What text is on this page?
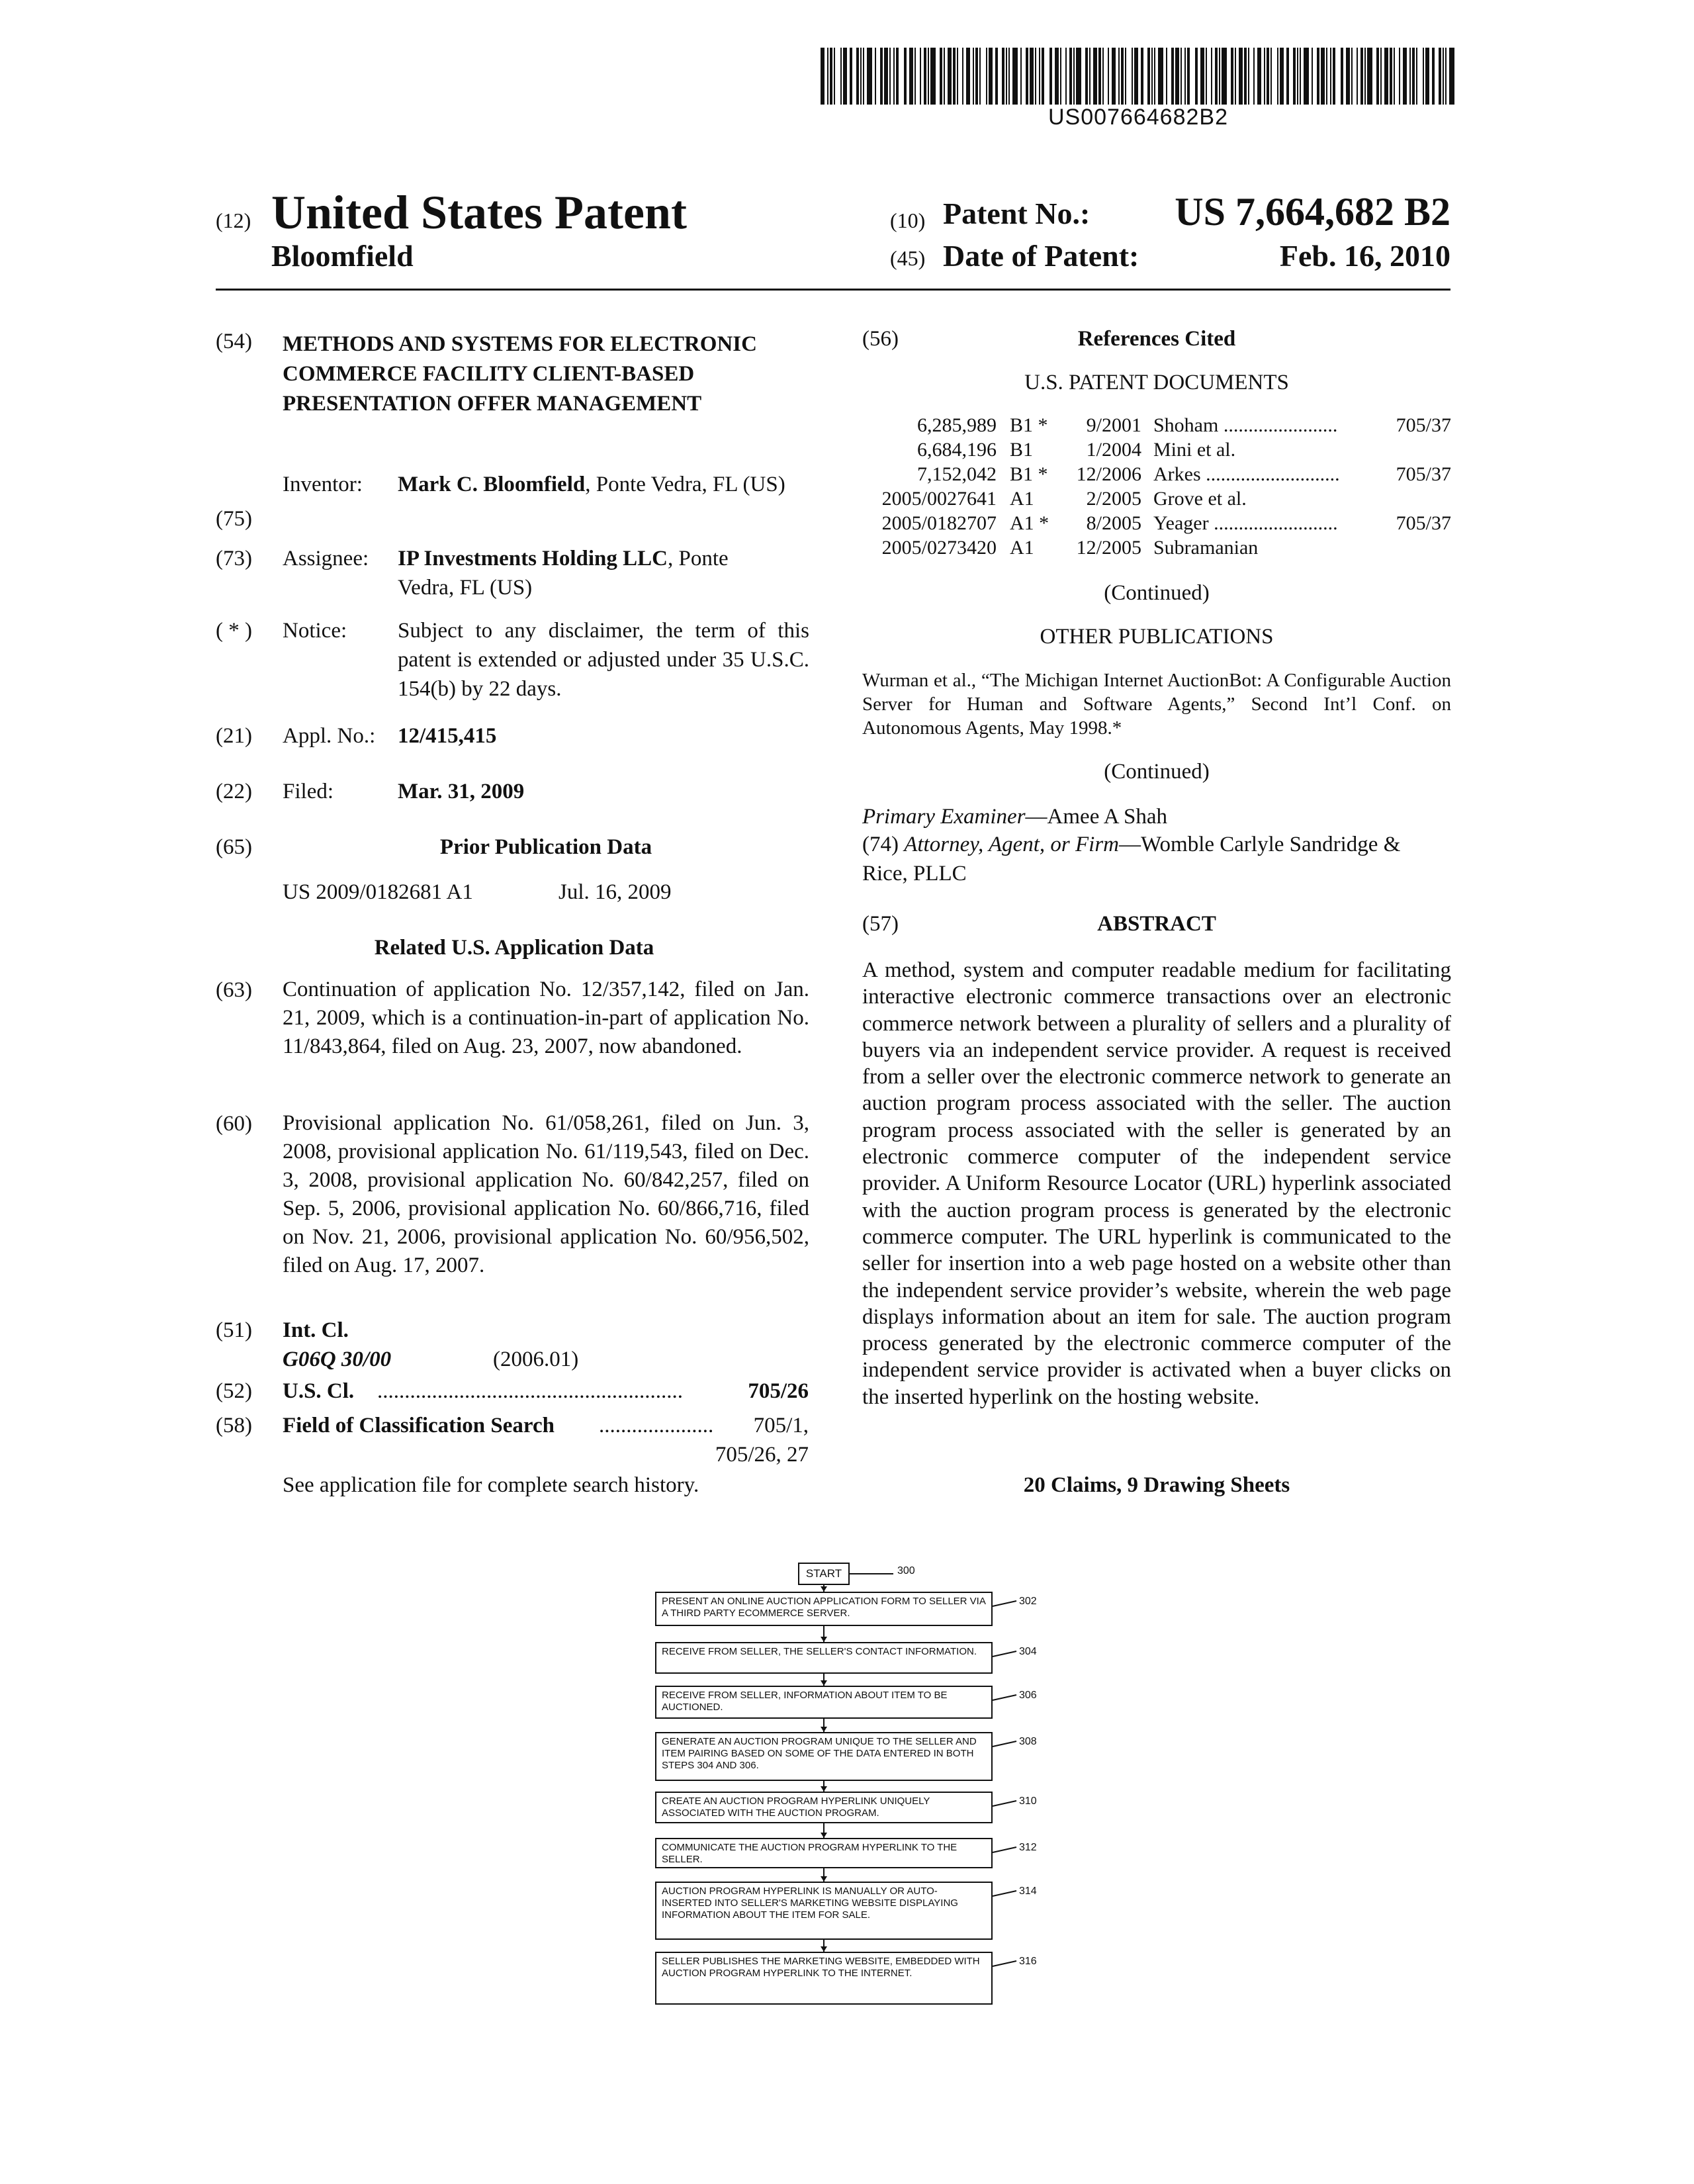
US007664682B2
(12) United States Patent
Bloomfield
(10) Patent No.: US 7,664,682 B2
(45) Date of Patent:	Feb. 16, 2010
(54) METHODS AND SYSTEMS FOR ELECTRONIC COMMERCE FACILITY CLIENT-BASED PRESENTATION OFFER MANAGEMENT
(75)
Inventor: Mark C. Bloomfield, Ponte Vedra, FL (US)
(73) Assignee: IP Investments Holding LLC, Ponte Vedra, FL (US)
( * ) Notice: Subject to any disclaimer, the term of this patent is extended or adjusted under 35 U.S.C. 154(b) by 22 days.
(21) Appl. No.: 12/415,415
(22) Filed:	Mar. 31, 2009
(65)	Prior Publication Data
US 2009/0182681 A1	Jul. 16, 2009
Related U.S. Application Data
(63) Continuation of application No. 12/357,142, filed on Jan. 21, 2009, which is a continuation-in-part of application No. 11/843,864, filed on Aug. 23, 2007, now abandoned.
(60) Provisional application No. 61/058,261, filed on Jun. 3, 2008, provisional application No. 61/119,543, filed on Dec. 3, 2008, provisional application No. 60/842,257, filed on Sep. 5, 2006, provisional application No. 60/866,716, filed on Nov. 21, 2006, provisional application No. 60/956,502, filed on Aug. 17, 2007.
(51) Int. Cl.
G06Q 30/00	(2006.01)
(52) U.S. Cl. ........................................................	705/26
(58) Field of Classification Search ..................... 705/1,
705/26, 27
See application file for complete search history.
(56)	References Cited
U.S. PATENT DOCUMENTS
6,285,989 B1 * 9/2001 Shoham .......................	705/37
6,684,196 B1	1/2004 Mini et al.
7,152,042 B1 * 12/2006 Arkes ...........................	705/37
2005/0027641 A1	2/2005 Grove et al.
2005/0182707 A1 * 8/2005 Yeager .........................	705/37
2005/0273420 A1 12/2005 Subramanian
(Continued)
OTHER PUBLICATIONS
Wurman et al., “The Michigan Internet AuctionBot: A Configurable Auction Server for Human and Software Agents,” Second Int’l Conf. on Autonomous Agents, May 1998.*
(Continued)
Primary Examiner—Amee A Shah
(74) Attorney, Agent, or Firm—Womble Carlyle Sandridge & Rice, PLLC
(57)	ABSTRACT
A method, system and computer readable medium for facilitating interactive electronic commerce transactions over an electronic commerce network between a plurality of sellers and a plurality of buyers via an independent service provider. A request is received from a seller over the electronic commerce network to generate an auction program process associated with the seller. The auction program process associated with the seller is generated by an electronic commerce computer of the independent service provider. A Uniform Resource Locator (URL) hyperlink associated with the auction program process is generated by the electronic commerce computer. The URL hyperlink is communicated to the seller for insertion into a web page hosted on a website other than the independent service provider’s website, wherein the web page displays information about an item for sale. The auction program process generated by the electronic commerce computer of the independent service provider is activated when a buyer clicks on the inserted hyperlink on the hosting website.
20 Claims, 9 Drawing Sheets
START	300
PRESENT AN ONLINE AUCTION APPLICATION FORM TO SELLER VIA A THIRD PARTY ECOMMERCE SERVER.
302
RECEIVE FROM SELLER, THE SELLER'S CONTACT INFORMATION.	304
RECEIVE FROM SELLER, INFORMATION ABOUT ITEM TO BE AUCTIONED.
306
GENERATE AN AUCTION PROGRAM UNIQUE TO THE SELLER AND ITEM PAIRING BASED ON SOME OF THE DATA ENTERED IN BOTH STEPS 304 AND 306.
308
CREATE AN AUCTION PROGRAM HYPERLINK UNIQUELY ASSOCIATED WITH THE AUCTION PROGRAM.
310
COMMUNICATE THE AUCTION PROGRAM HYPERLINK TO THE SELLER.
312
AUCTION PROGRAM HYPERLINK IS MANUALLY OR AUTO-INSERTED INTO SELLER'S MARKETING WEBSITE DISPLAYING INFORMATION ABOUT THE ITEM FOR SALE.
314
SELLER PUBLISHES THE MARKETING WEBSITE, EMBEDDED WITH AUCTION PROGRAM HYPERLINK TO THE INTERNET.
316
